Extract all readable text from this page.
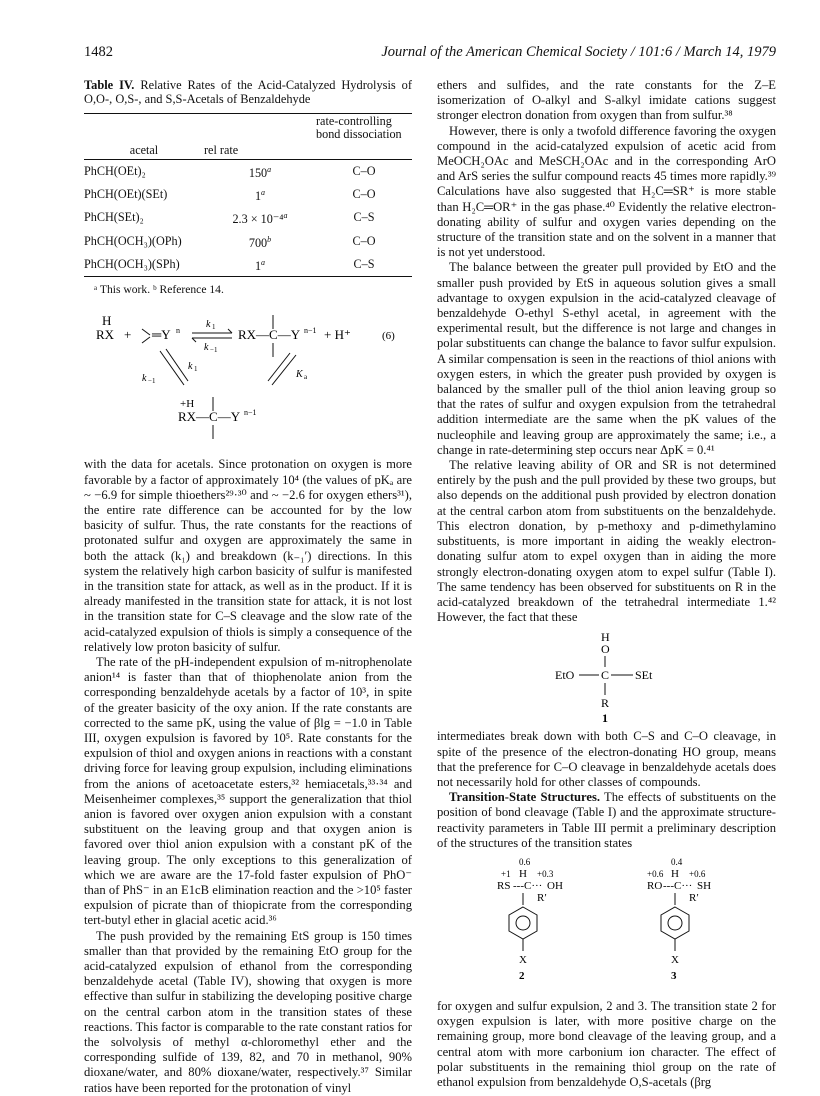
1482	Journal of the American Chemical Society / 101:6 / March 14, 1979

Table IV. Relative Rates of the Acid-Catalyzed Hydrolysis of O,O-, O,S-, and S,S-Acetals of Benzaldehyde

		rate-controlling bond dissociation
acetal	rel rate	
PhCH(OEt)₂	150$^a$	C–O
PhCH(OEt)(SEt)	1$^a$	C–O
PhCH(SEt)₂	2.3 × 10⁻⁴$^a$	C–S
PhCH(OCH₃)(OPh)	700$^b$	C–O
PhCH(OCH₃)(SPh)	1$^a$	C–S

ᵃ This work. ᵇ Reference 14.

H
RX + ═Y n
k 1
k −1
RX—C—Y n−1 + H⁺	(6)
k 1
k −1
K a
+H
RX—C—Y n−1

with the data for acetals. Since protonation on oxygen is more favorable by a factor of approximately 10⁴ (the values of pKₐ are ~ −6.9 for simple thioethers²⁹·³⁰ and ~ −2.6 for oxygen ethers³¹), the entire rate difference can be accounted for by the low basicity of sulfur. Thus, the rate constants for the reactions of protonated sulfur and oxygen are approximately the same in both the attack (k₁) and breakdown (k₋₁′) directions. In this system the relatively high carbon basicity of sulfur is manifested in the transition state for attack, as well as in the product. If it is already manifested in the transition state for attack, it is not lost in the transition state for C–S cleavage and the slow rate of the acid-catalyzed expulsion of thiols is simply a consequence of the relatively low proton basicity of sulfur.

The rate of the pH-independent expulsion of m-nitrophenolate anion¹⁴ is faster than that of thiophenolate anion from the corresponding benzaldehyde acetals by a factor of 10³, in spite of the greater basicity of the oxy anion. If the rate constants are corrected to the same pK, using the value of βlg = −1.0 in Table III, oxygen expulsion is favored by 10⁵. Rate constants for the expulsion of thiol and oxygen anions in reactions with a constant driving force for leaving group expulsion, including eliminations from the anions of acetoacetate esters,³² hemiacetals,³³·³⁴ and Meisenheimer complexes,³⁵ support the generalization that thiol anion is favored over oxygen anion expulsion with a constant substituent on the leaving group and that oxygen anion is favored over thiol anion expulsion with a constant pK of the leaving group. The only exceptions to this generalization of which we are aware are the 17-fold faster expulsion of PhO⁻ than of PhS⁻ in an E1cB elimination reaction and the >10⁵ faster expulsion of picrate than of thiopicrate from the corresponding tert-butyl ether in glacial acetic acid.³⁶

The push provided by the remaining EtS group is 150 times smaller than that provided by the remaining EtO group for the acid-catalyzed expulsion of ethanol from the corresponding benzaldehyde acetal (Table IV), showing that oxygen is more effective than sulfur in stabilizing the developing positive charge on the central carbon atom in the transition states of these reactions. This factor is comparable to the rate constant ratios for the solvolysis of methyl α-chloromethyl ether and the corresponding sulfide of 139, 82, and 70 in methanol, 90% dioxane/water, and 80% dioxane/water, respectively.³⁷ Similar ratios have been reported for the protonation of vinyl

ethers and sulfides, and the rate constants for the Z–E isomerization of O-alkyl and S-alkyl imidate cations suggest stronger electron donation from oxygen than from sulfur.³⁸

However, there is only a twofold difference favoring the oxygen compound in the acid-catalyzed expulsion of acetic acid from MeOCH₂OAc and MeSCH₂OAc and in the corresponding ArO and ArS series the sulfur compound reacts 45 times more rapidly.³⁹ Calculations have also suggested that H₂C═SR⁺ is more stable than H₂C═OR⁺ in the gas phase.⁴⁰ Evidently the relative electron-donating ability of sulfur and oxygen varies depending on the structure of the transition state and on the solvent in a manner that is not yet understood.

The balance between the greater pull provided by EtO and the smaller push provided by EtS in aqueous solution gives a small advantage to oxygen expulsion in the acid-catalyzed cleavage of benzaldehyde O-ethyl S-ethyl acetal, in agreement with the experimental result, but the difference is not large and changes in polar substituents can change the balance to favor sulfur expulsion. A similar compensation is seen in the reactions of thiol anions with oxygen esters, in which the greater push provided by oxygen is balanced by the smaller pull of the thiol anion leaving group so that the rates of sulfur and oxygen expulsion from the tetrahedral addition intermediate are the same when the pK values of the nucleophile and leaving group are approximately the same; i.e., a change in rate-determining step occurs near ΔpK = 0.⁴¹

The relative leaving ability of OR and SR is not determined entirely by the push and the pull provided by these two groups, but also depends on the additional push provided by electron donation at the central carbon atom from substituents on the benzaldehyde. This electron donation, by p-methoxy and p-dimethylamino substituents, is more important in aiding the weakly electron-donating sulfur atom to expel oxygen than in aiding the more strongly electron-donating oxygen atom to expel sulfur (Table I). The same tendency has been observed for substituents on R in the acid-catalyzed breakdown of the tetrahedral intermediate 1.⁴² However, the fact that these

H
O
EtO C SEt
R
1

intermediates break down with both C–S and C–O cleavage, in spite of the presence of the electron-donating HO group, means that the preference for C–O cleavage in benzaldehyde acetals does not necessarily hold for other classes of compounds.

Transition-State Structures. The effects of substituents on the position of bond cleavage (Table I) and the approximate structure-reactivity parameters in Table III permit a preliminary description of the structures of the transition states

0.6
+1 H +0.3
RS ---C··· OH
R′
X
2
0.4
+0.6 H +0.6
RO ---C··· SH
R′
X
3

for oxygen and sulfur expulsion, 2 and 3. The transition state 2 for oxygen expulsion is later, with more positive charge on the remaining group, more bond cleavage of the leaving group, and a central atom with more carbonium ion character. The effect of polar substituents in the remaining thiol group on the rate of ethanol expulsion from benzaldehyde O,S-acetals (βrg
